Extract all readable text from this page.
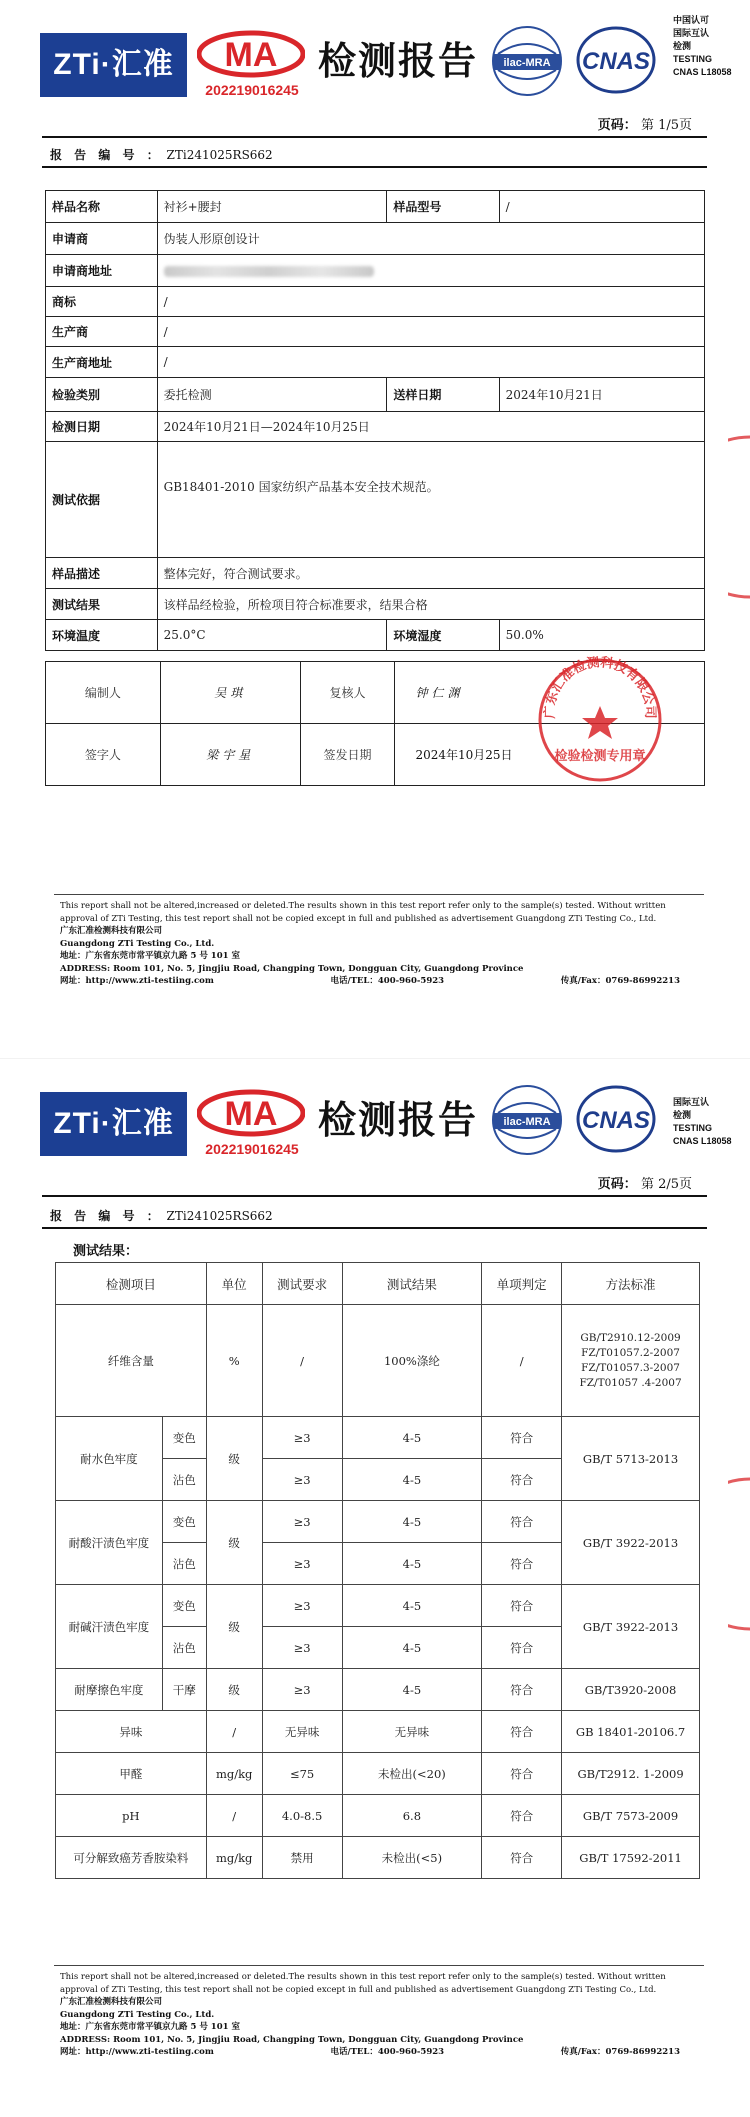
ZTi·汇准	MA
202219016245
检测报告 ilac-MRA CNAS
中国认可
国际互认
检测
TESTING
CNAS L18058
页码： 第 1/5页
报 告 编 号 ： ZTi241025RS662
样品名称	衬衫+腰封	样品型号	/
申请商	伪装人形原创设计		
申请商地址			
商标	/		
生产商	/		
生产商地址	/		
检验类别	委托检测	送样日期	2024年10月21日
检测日期	2024年10月21日—2024年10月25日		
测试依据	GB18401-2010 国家纺织产品基本安全技术规范。		
样品描述	整体完好，符合测试要求。		
测试结果	该样品经检验，所检项目符合标准要求，结果合格		
环境温度	25.0°C	环境湿度	50.0%
编制人	吴琪	复核人	钟仁渊
签字人	梁宇星	签发日期	2024年10月25日
广东汇准检测科技有限公司
检验检测专用章
This report shall not be altered,increased or deleted.The results shown in this test report refer only to the sample(s) tested. Without written approval of ZTi Testing, this test report shall not be copied except in full and published as advertisement Guangdong ZTi Testing Co., Ltd.
广东汇准检测科技有限公司
Guangdong ZTi Testing Co., Ltd.
地址：广东省东莞市常平镇京九路 5 号 101 室
ADDRESS: Room 101, No. 5, Jingjiu Road, Changping Town, Dongguan City, Guangdong Province
网址：http://www.zti-testiing.com	电话/TEL：400-960-5923	传真/Fax：0769-86992213
ZTi·汇准	MA
202219016245
检测报告 ilac-MRA CNAS
国际互认
检测
TESTING
CNAS L18058
页码： 第 2/5页
报 告 编 号 ： ZTi241025RS662
测试结果：
检测项目		单位	测试要求	测试结果	单项判定	方法标准
纤维含量		%	/	100%涤纶	/	GB/T2910.12-2009
FZ/T01057.2-2007
FZ/T01057.3-2007
FZ/T01057 .4-2007

耐水色牢度	变色	级	≥3	4-5	符合	GB/T 5713-2013
	沾色		≥3	4-5	符合	
耐酸汗渍色牢度	变色	级	≥3	4-5	符合	GB/T 3922-2013
	沾色		≥3	4-5	符合	
耐碱汗渍色牢度	变色	级	≥3	4-5	符合	GB/T 3922-2013
	沾色		≥3	4-5	符合	
耐摩擦色牢度	干摩	级	≥3	4-5	符合	GB/T3920-2008
异味		/	无异味	无异味	符合	GB 18401-20106.7
甲醛		mg/kg	≤75	未检出(<20)	符合	GB/T2912. 1-2009
pH		/	4.0-8.5	6.8	符合	GB/T 7573-2009
可分解致癌芳香胺染料		mg/kg	禁用	未检出(<5)	符合	GB/T 17592-2011
This report shall not be altered,increased or deleted.The results shown in this test report refer only to the sample(s) tested. Without written approval of ZTi Testing, this test report shall not be copied except in full and published as advertisement Guangdong ZTi Testing Co., Ltd.
广东汇准检测科技有限公司
Guangdong ZTi Testing Co., Ltd.
地址：广东省东莞市常平镇京九路 5 号 101 室
ADDRESS: Room 101, No. 5, Jingjiu Road, Changping Town, Dongguan City, Guangdong Province
网址：http://www.zti-testiing.com	电话/TEL：400-960-5923	传真/Fax：0769-86992213
